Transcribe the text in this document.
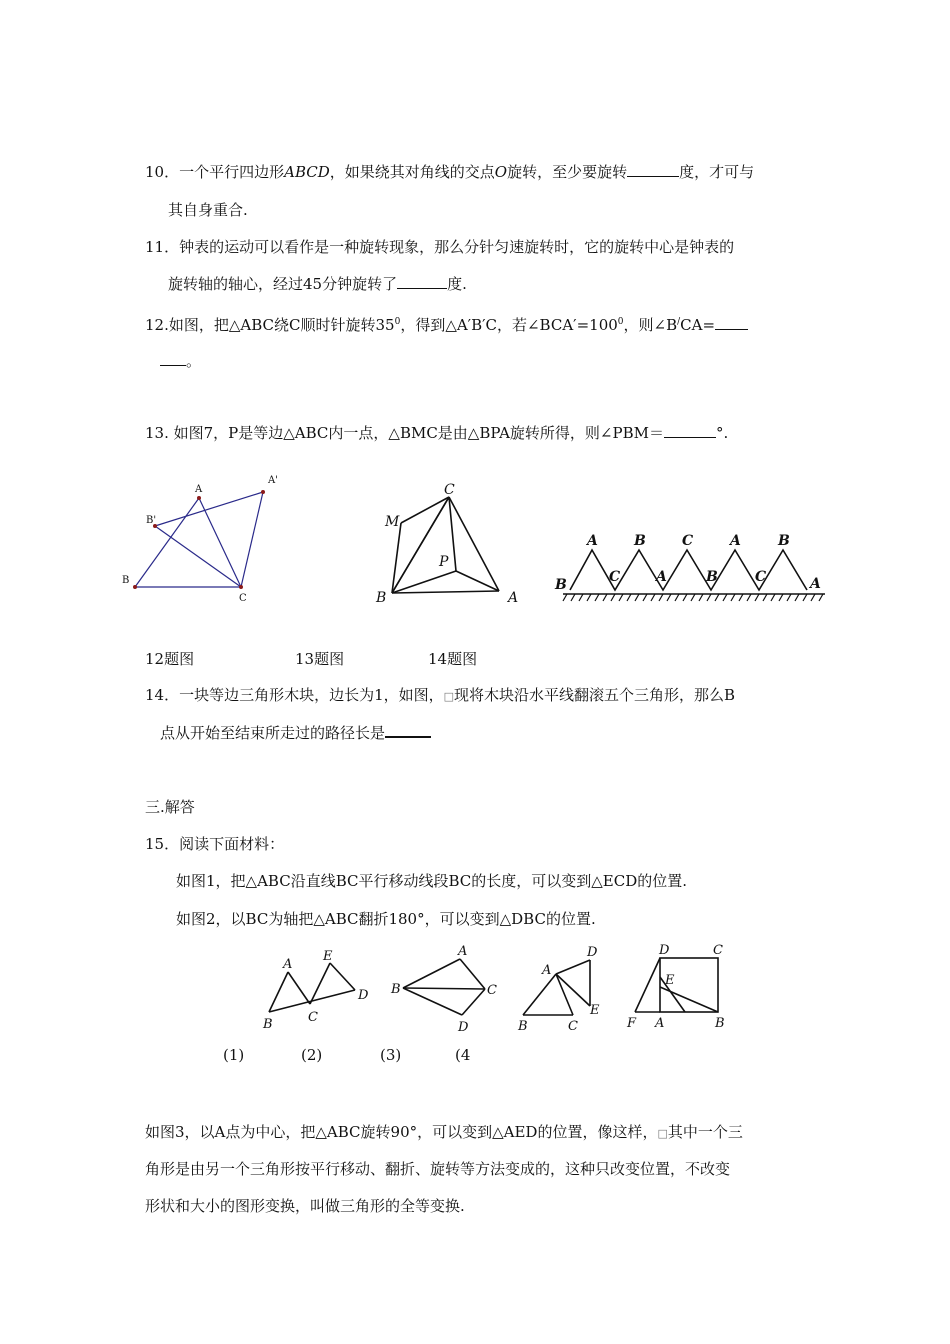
10．一个平行四边形ABCD，如果绕其对角线的交点O旋转，至少要旋转	度，才可与
其自身重合.
11．钟表的运动可以看作是一种旋转现象，那么分针匀速旋转时，它的旋转中心是钟表的
旋转轴的轴心，经过45分钟旋转了	度.
12.如图，把△ABC绕C顺时针旋转$35^0$，得到△A′B′C，若$\angle BCA'=100^0$，则∠B/CA=
。
13. 如图7，P是等边△ABC内一点，△BMC是由△BPA旋转所得，则∠PBM＝	°.
A
A'
B'
B
C
C
M
P
B	A
A	B	C	A	B
B	C	A	B	C	A
12题图	13题图	14题图
14．一块等边三角形木块，边长为1，如图，□现将木块沿水平线翻滚五个三角形，那么B
点从开始至结束所走过的路径长是
三.解答
15．阅读下面材料：
如图1，把△ABC沿直线BC平行移动线段BC的长度，可以变到△ECD的位置.
如图2，以BC为轴把△ABC翻折180°，可以变到△DBC的位置.
A
E
B	C
D
A
B	C
D
A
D
B	C
E
D	C
E
F A	B
(1)	(2)	(3)	(4
如图3，以A点为中心，把△ABC旋转90°，可以变到△AED的位置，像这样，□其中一个三
角形是由另一个三角形按平行移动、翻折、旋转等方法变成的，这种只改变位置，不改变
形状和大小的图形变换，叫做三角形的全等变换.
